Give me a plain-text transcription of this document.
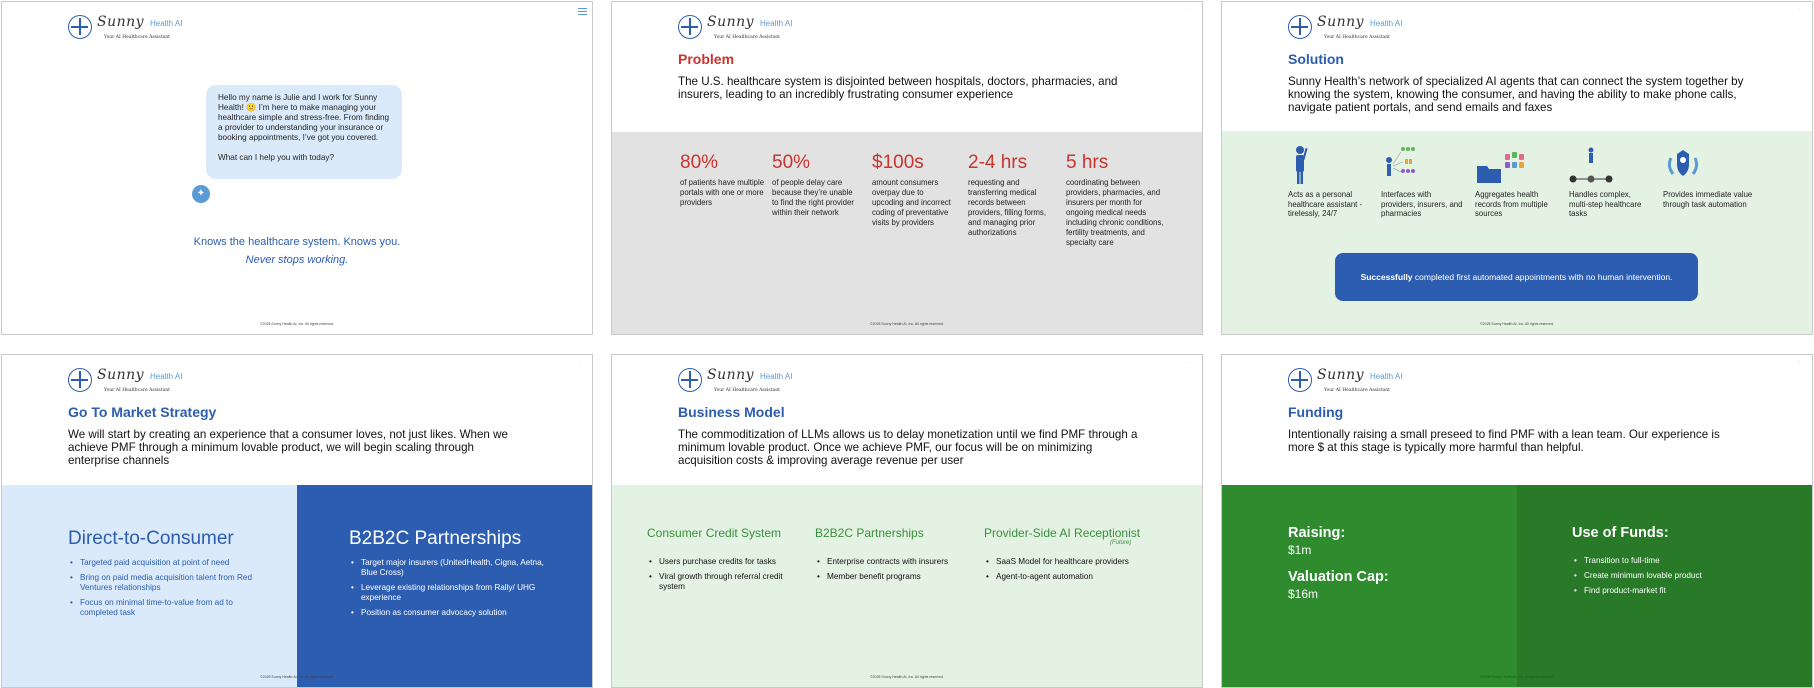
Sunny Health AI
Your AI Healthcare Assistant

Hello my name is Julie and I work for Sunny Health! 🙂 I’m here to make managing your healthcare simple and stress-free. From finding a provider to understanding your insurance or booking appointments, I’ve got you covered.

What can I help you with today?

✦
Knows the healthcare system. Knows you.
Never stops working.
©2025 Sunny Health AI, Inc. All rights reserved.
Sunny Health AI
Your AI Healthcare Assistant
·
Problem
The U.S. healthcare system is disjointed between hospitals, doctors, pharmacies, and insurers, leading to an incredibly frustrating consumer experience
80%
of patients have multiple portals with one or more providers
50%
of people delay care because they’re unable to find the right provider within their network
$100s
amount consumers overpay due to upcoding and incorrect coding of preventative visits by providers
2-4 hrs
requesting and transferring medical records between providers, filling forms, and managing prior authorizations
5 hrs
coordinating between providers, pharmacies, and insurers per month for ongoing medical needs including chronic conditions, fertility treatments, and specialty care
©2025 Sunny Health AI, Inc. All rights reserved.
Sunny Health AI
Your AI Healthcare Assistant
·
Solution
Sunny Health’s network of specialized AI agents that can connect the system together by knowing the system, knowing the consumer, and having the ability to make phone calls, navigate patient portals, and send emails and faxes
Acts as a personal healthcare assistant - tirelessly, 24/7
Interfaces with providers, insurers, and pharmacies
Aggregates health records from multiple sources
Handles complex, multi-step healthcare tasks
Provides immediate value through task automation
Successfully completed first automated appointments with no human intervention.
©2025 Sunny Health AI, Inc. All rights reserved.
Sunny Health AI
Your AI Healthcare Assistant
·
Go To Market Strategy
We will start by creating an experience that a consumer loves, not just likes. When we achieve PMF through a minimum lovable product, we will begin scaling through enterprise channels
Direct-to-Consumer
• Targeted paid acquisition at point of need
• Bring on paid media acquisition talent from Red Ventures relationships
• Focus on minimal time-to-value from ad to completed task
B2B2C Partnerships
• Target major insurers (UnitedHealth, Cigna, Aetna, Blue Cross)
• Leverage existing relationships from Rally/ UHG experience
• Position as consumer advocacy solution
©2025 Sunny Health AI, Inc. All rights reserved.
Sunny Health AI
Your AI Healthcare Assistant
·
Business Model
The commoditization of LLMs allows us to delay monetization until we find PMF through a minimum lovable product. Once we achieve PMF, our focus will be on minimizing acquisition costs & improving average revenue per user
Consumer Credit System	B2B2C Partnerships	Provider-Side AI Receptionist
(Future)
• Users purchase credits for tasks
• Viral growth through referral credit system
• Enterprise contracts with insurers
• Member benefit programs
• SaaS Model for healthcare providers
• Agent-to-agent automation
©2025 Sunny Health AI, Inc. All rights reserved.
Sunny Health AI
Your AI Healthcare Assistant
·
Funding
Intentionally raising a small preseed to find PMF with a lean team. Our experience is more $ at this stage is typically more harmful than helpful.
Raising:
$1m
Valuation Cap:
$16m
Use of Funds:
• Transition to full-time
• Create minimum lovable product
• Find product-market fit
©2025 Sunny Health AI, Inc. All rights reserved.
